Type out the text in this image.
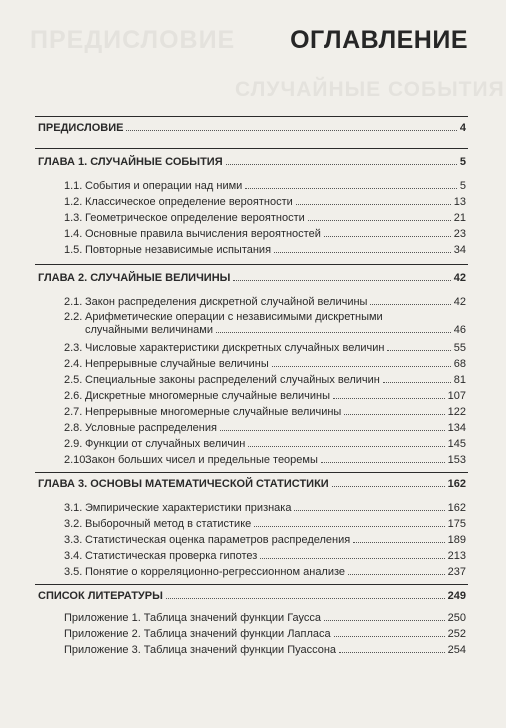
ПРЕДИСЛОВИЕ
СЛУЧАЙНЫЕ СОБЫТИЯ
ОГЛАВЛЕНИЕ
ПРЕДИСЛОВИЕ	4
ГЛАВА 1. СЛУЧАЙНЫЕ СОБЫТИЯ	5
1.1. События и операции над ними	5
1.2. Классическое определение вероятности	13
1.3. Геометрическое определение вероятности	21
1.4. Основные правила вычисления вероятностей	23
1.5. Повторные независимые испытания	34
ГЛАВА 2. СЛУЧАЙНЫЕ ВЕЛИЧИНЫ	42
2.1. Закон распределения дискретной случайной величины	42
2.2. Арифметические операции с независимыми дискретными
случайными величинами	46
2.3. Числовые характеристики дискретных случайных величин	55
2.4. Непрерывные случайные величины	68
2.5. Специальные законы распределений случайных величин	81
2.6. Дискретные многомерные случайные величины	107
2.7. Непрерывные многомерные случайные величины	122
2.8. Условные распределения	134
2.9. Функции от случайных величин	145
2.10.Закон больших чисел и предельные теоремы	153
ГЛАВА 3. ОСНОВЫ МАТЕМАТИЧЕСКОЙ СТАТИСТИКИ	162
3.1. Эмпирические характеристики признака	162
3.2. Выборочный метод в статистике	175
3.3. Статистическая оценка параметров распределения	189
3.4. Статистическая проверка гипотез	213
3.5. Понятие о корреляционно-регрессионном анализе	237
СПИСОК ЛИТЕРАТУРЫ	249
Приложение 1. Таблица значений функции Гаусса	250
Приложение 2. Таблица значений функции Лапласа	252
Приложение 3. Таблица значений функции Пуассона	254
